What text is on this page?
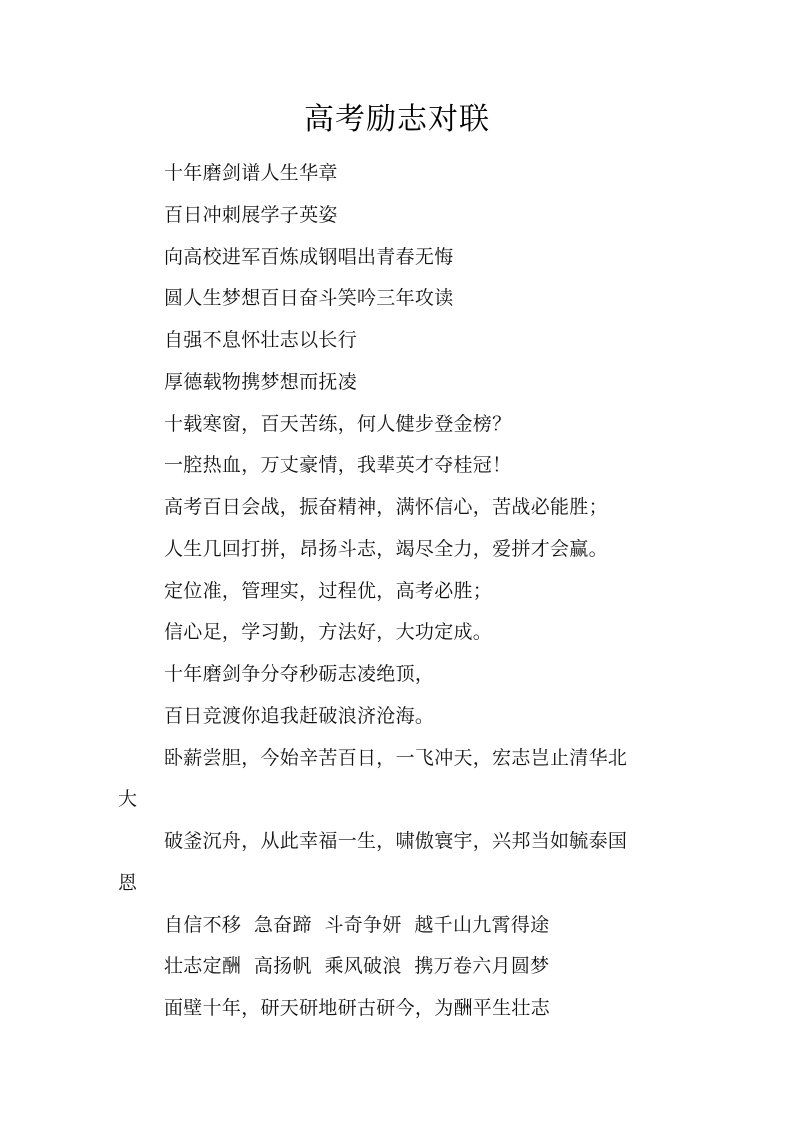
高考励志对联

十年磨剑谱人生华章

百日冲刺展学子英姿

向高校进军百炼成钢唱出青春无悔

圆人生梦想百日奋斗笑吟三年攻读

自强不息怀壮志以长行

厚德载物携梦想而抚凌

十载寒窗，百天苦练，何人健步登金榜？

一腔热血，万丈豪情，我辈英才夺桂冠！

高考百日会战，振奋精神，满怀信心，苦战必能胜；

人生几回打拼，昂扬斗志，竭尽全力，爱拼才会赢。

定位准，管理实，过程优，高考必胜；

信心足，学习勤，方法好，大功定成。

十年磨剑争分夺秒砺志凌绝顶，

百日竞渡你追我赶破浪济沧海。

卧薪尝胆，今始辛苦百日，一飞冲天，宏志岂止清华北
大

破釜沉舟，从此幸福一生，啸傲寰宇，兴邦当如毓泰国
恩

自信不移  急奋蹄  斗奇争妍  越千山九霄得途

壮志定酬  高扬帆  乘风破浪  携万卷六月圆梦

面壁十年，研天研地研古研今，为酬平生壮志
